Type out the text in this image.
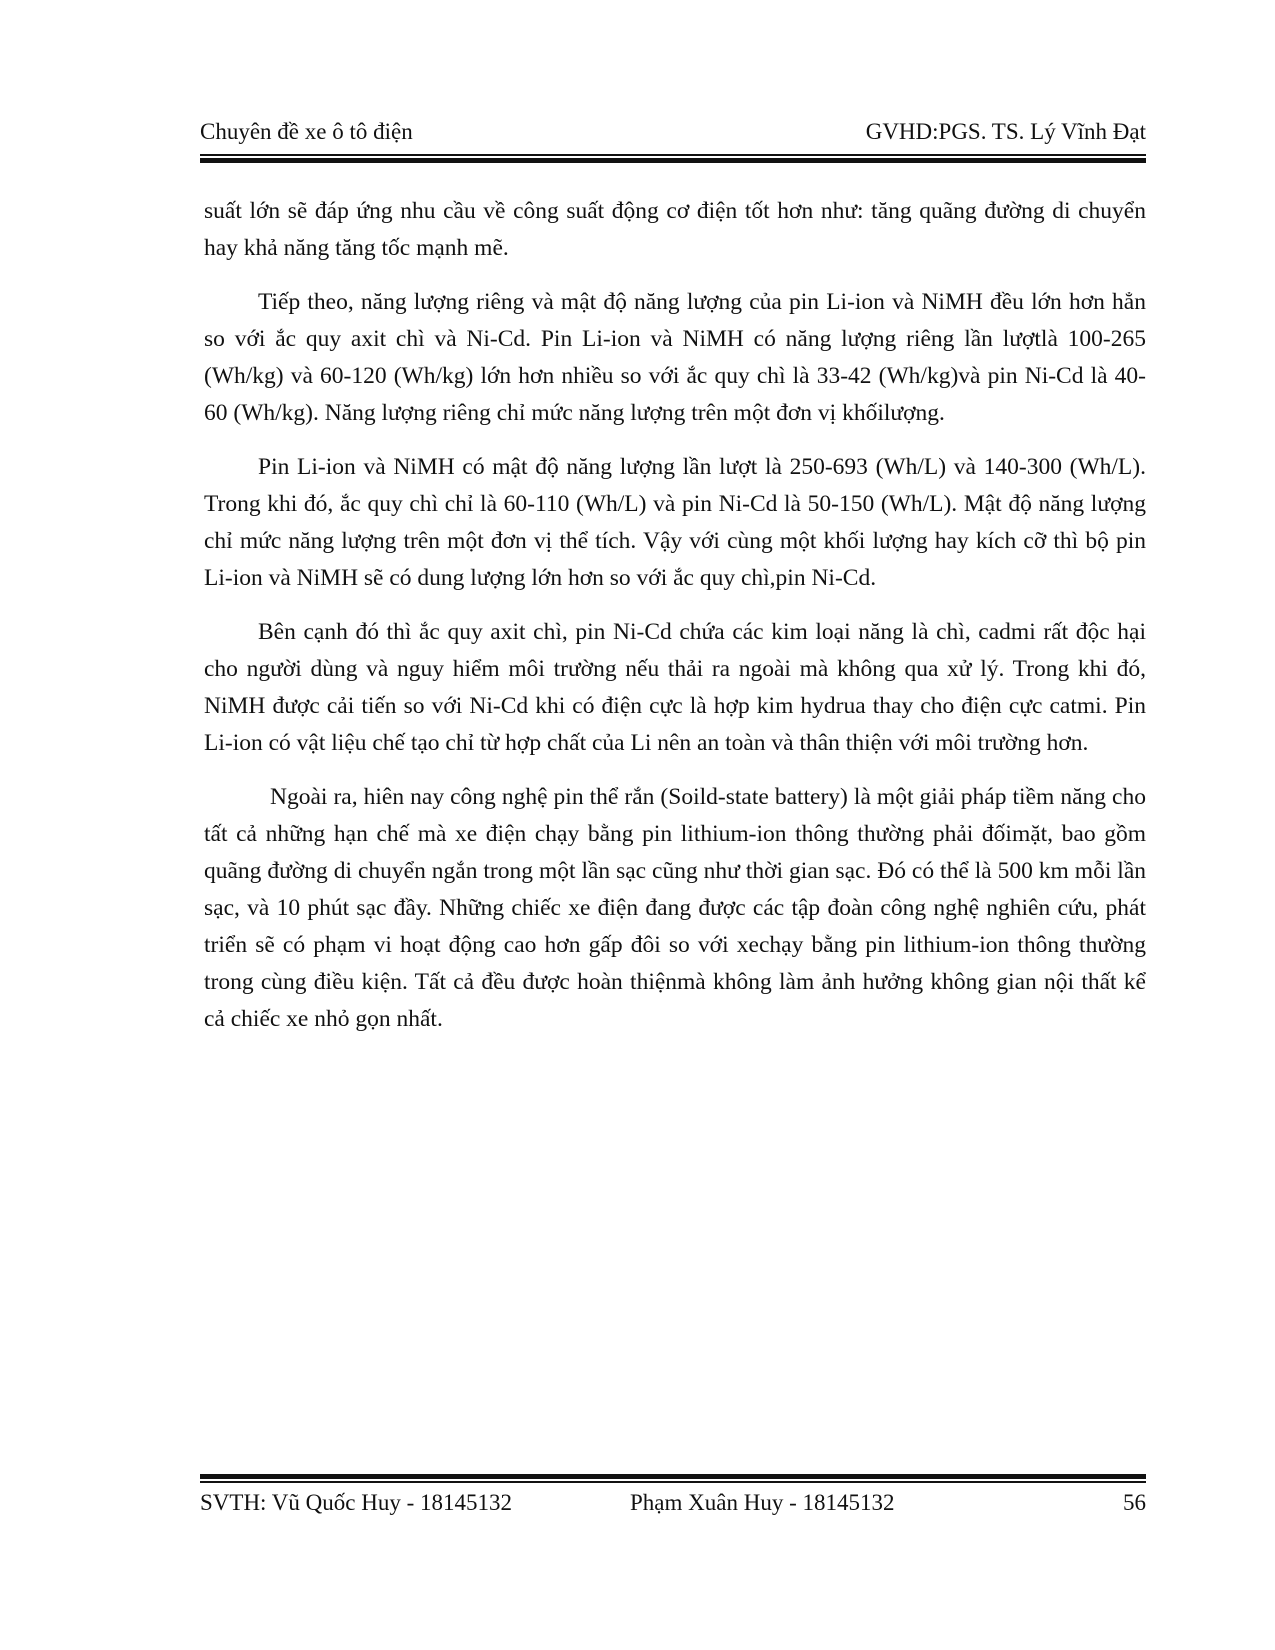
Chuyên đề xe ô tô điện	GVHD:PGS. TS. Lý Vĩnh Đạt

suất lớn sẽ đáp ứng nhu cầu về công suất động cơ điện tốt hơn như: tăng quãng đường di chuyển hay khả năng tăng tốc mạnh mẽ.

Tiếp theo, năng lượng riêng và mật độ năng lượng của pin Li-ion và NiMH đều lớn hơn hẳn so với ắc quy axit chì và Ni-Cd. Pin Li-ion và NiMH có năng lượng riêng lần lượtlà 100-265 (Wh/kg) và 60-120 (Wh/kg) lớn hơn nhiều so với ắc quy chì là 33-42 (Wh/kg)và pin Ni-Cd là 40-60 (Wh/kg). Năng lượng riêng chỉ mức năng lượng trên một đơn vị khốilượng.

Pin Li-ion và NiMH có mật độ năng lượng lần lượt là 250-693 (Wh/L) và 140-300 (Wh/L). Trong khi đó, ắc quy chì chỉ là 60-110 (Wh/L) và pin Ni-Cd là 50-150 (Wh/L). Mật độ năng lượng chỉ mức năng lượng trên một đơn vị thể tích. Vậy với cùng một khối lượng hay kích cỡ thì bộ pin Li-ion và NiMH sẽ có dung lượng lớn hơn so với ắc quy chì,pin Ni-Cd.

Bên cạnh đó thì ắc quy axit chì, pin Ni-Cd chứa các kim loại năng là chì, cadmi rất độc hại cho người dùng và nguy hiểm môi trường nếu thải ra ngoài mà không qua xử lý. Trong khi đó, NiMH được cải tiến so với Ni-Cd khi có điện cực là hợp kim hydrua thay cho điện cực catmi. Pin Li-ion có vật liệu chế tạo chỉ từ hợp chất của Li nên an toàn và thân thiện với môi trường hơn.

Ngoài ra, hiên nay công nghệ pin thể rắn (Soild-state battery) là một giải pháp tiềm năng cho tất cả những hạn chế mà xe điện chạy bằng pin lithium-ion thông thường phải đốimặt, bao gồm quãng đường di chuyển ngắn trong một lần sạc cũng như thời gian sạc. Đó có thể là 500 km mỗi lần sạc, và 10 phút sạc đầy. Những chiếc xe điện đang được các tập đoàn công nghệ nghiên cứu, phát triển sẽ có phạm vi hoạt động cao hơn gấp đôi so với xechạy bằng pin lithium-ion thông thường trong cùng điều kiện. Tất cả đều được hoàn thiệnmà không làm ảnh hưởng không gian nội thất kể cả chiếc xe nhỏ gọn nhất.

SVTH: Vũ Quốc Huy - 18145132	Phạm Xuân Huy - 18145132	56
